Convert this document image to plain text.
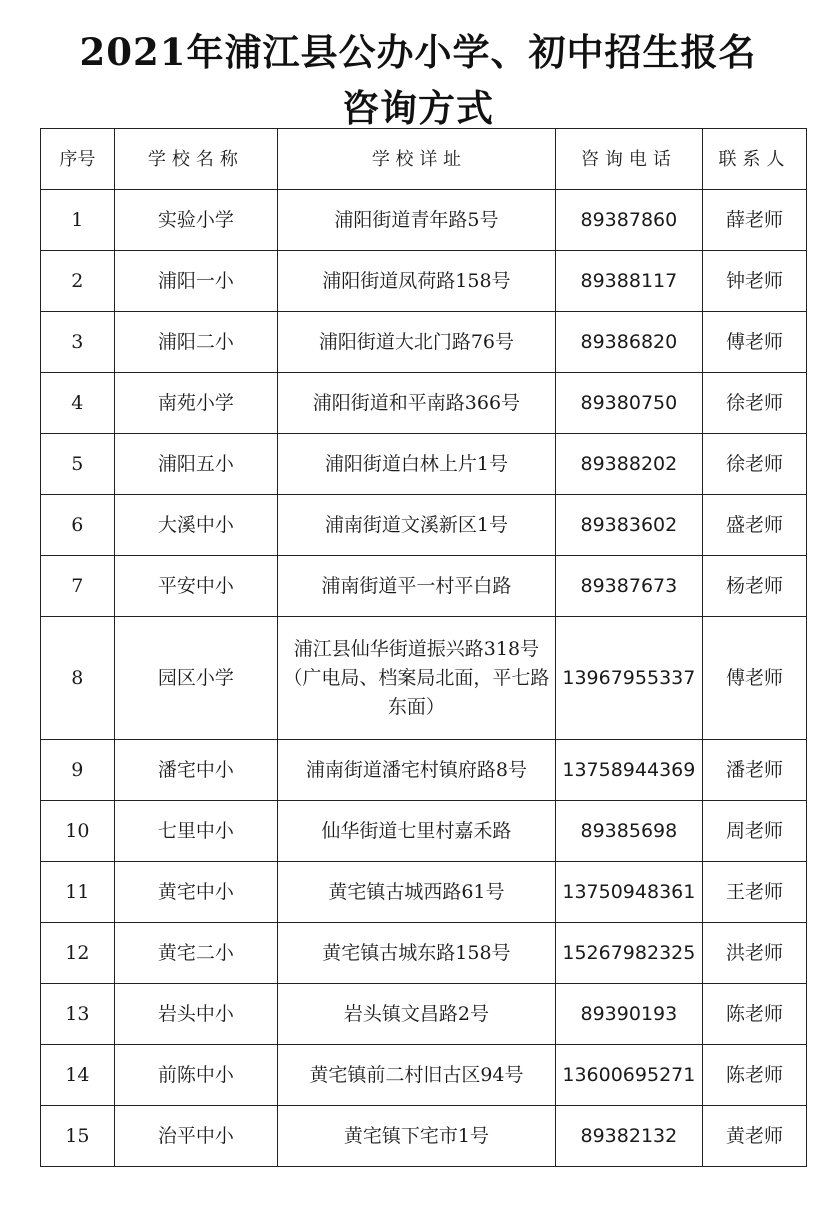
2021年浦江县公办小学、初中招生报名
咨询方式
序号	学校名称	学 校 详 址	咨询电话	联系人
1	实验小学	浦阳街道青年路5号	89387860	薛老师
2	浦阳一小	浦阳街道凤荷路158号	89388117	钟老师
3	浦阳二小	浦阳街道大北门路76号	89386820	傅老师
4	南苑小学	浦阳街道和平南路366号	89380750	徐老师
5	浦阳五小	浦阳街道白林上片1号	89388202	徐老师
6	大溪中小	浦南街道文溪新区1号	89383602	盛老师
7	平安中小	浦南街道平一村平白路	89387673	杨老师
8	园区小学	浦江县仙华街道振兴路318号（广电局、档案局北面，平七路东面）	13967955337	傅老师
9	潘宅中小	浦南街道潘宅村镇府路8号	13758944369	潘老师
10	七里中小	仙华街道七里村嘉禾路	89385698	周老师
11	黄宅中小	黄宅镇古城西路61号	13750948361	王老师
12	黄宅二小	黄宅镇古城东路158号	15267982325	洪老师
13	岩头中小	岩头镇文昌路2号	89390193	陈老师
14	前陈中小	黄宅镇前二村旧古区94号	13600695271	陈老师
15	治平中小	黄宅镇下宅市1号	89382132	黄老师
